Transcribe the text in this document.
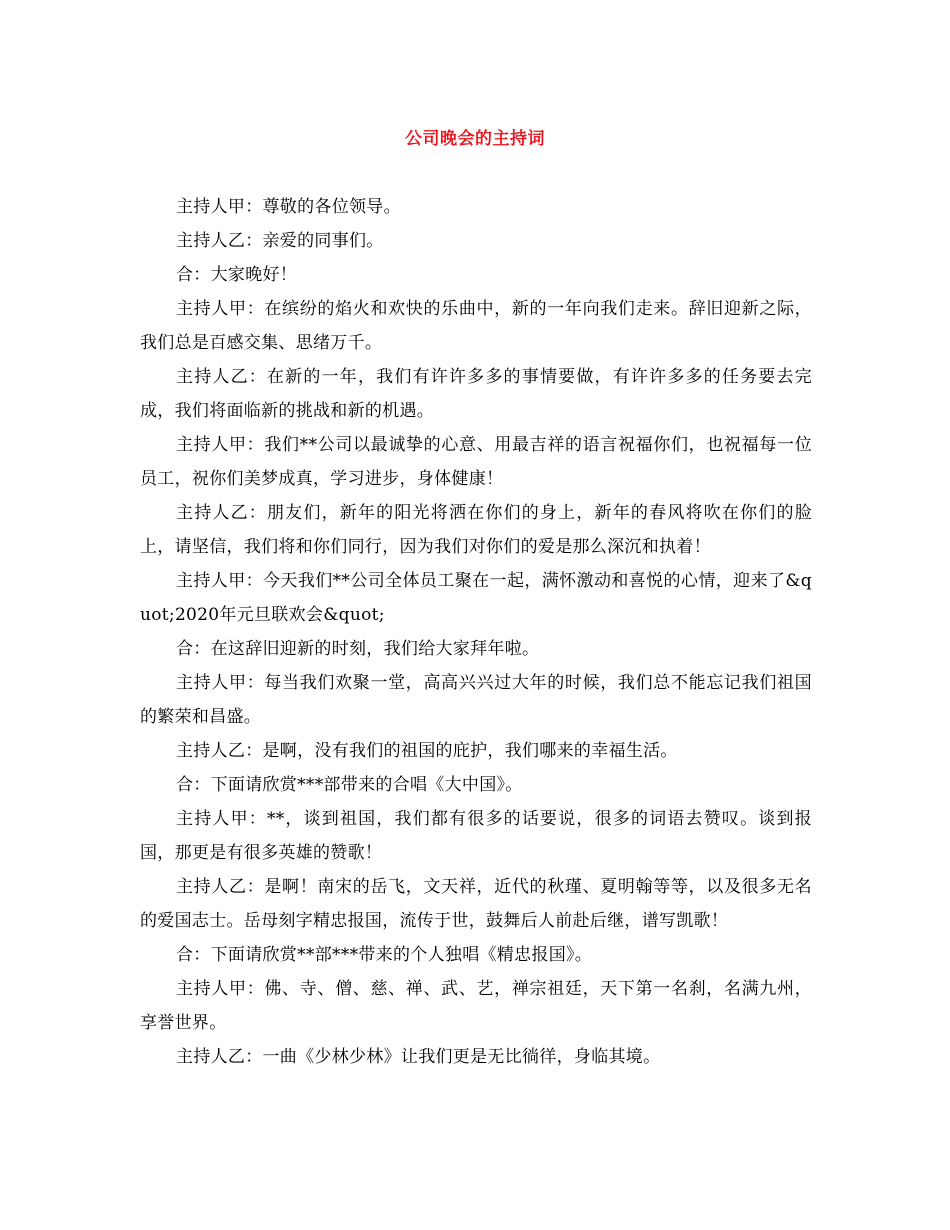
公司晚会的主持词

主持人甲：尊敬的各位领导。

主持人乙：亲爱的同事们。

合：大家晚好！

主持人甲：在缤纷的焰火和欢快的乐曲中，新的一年向我们走来。辞旧迎新之际，我们总是百感交集、思绪万千。

主持人乙：在新的一年，我们有许许多多的事情要做，有许许多多的任务要去完成，我们将面临新的挑战和新的机遇。

主持人甲：我们**公司以最诚挚的心意、用最吉祥的语言祝福你们，也祝福每一位员工，祝你们美梦成真，学习进步，身体健康！

主持人乙：朋友们，新年的阳光将洒在你们的身上，新年的春风将吹在你们的脸上，请坚信，我们将和你们同行，因为我们对你们的爱是那么深沉和执着！

主持人甲：今天我们**公司全体员工聚在一起，满怀激动和喜悦的心情，迎来了&quot;2020年元旦联欢会&quot;

合：在这辞旧迎新的时刻，我们给大家拜年啦。

主持人甲：每当我们欢聚一堂，高高兴兴过大年的时候，我们总不能忘记我们祖国的繁荣和昌盛。

主持人乙：是啊，没有我们的祖国的庇护，我们哪来的幸福生活。

合：下面请欣赏***部带来的合唱《大中国》。

主持人甲：**，谈到祖国，我们都有很多的话要说，很多的词语去赞叹。谈到报国，那更是有很多英雄的赞歌！

主持人乙：是啊！南宋的岳飞，文天祥，近代的秋瑾、夏明翰等等，以及很多无名的爱国志士。岳母刻字精忠报国，流传于世，鼓舞后人前赴后继，谱写凯歌！

合：下面请欣赏**部***带来的个人独唱《精忠报国》。

主持人甲：佛、寺、僧、慈、禅、武、艺，禅宗祖廷，天下第一名刹，名满九州，享誉世界。

主持人乙：一曲《少林少林》让我们更是无比徜徉，身临其境。
